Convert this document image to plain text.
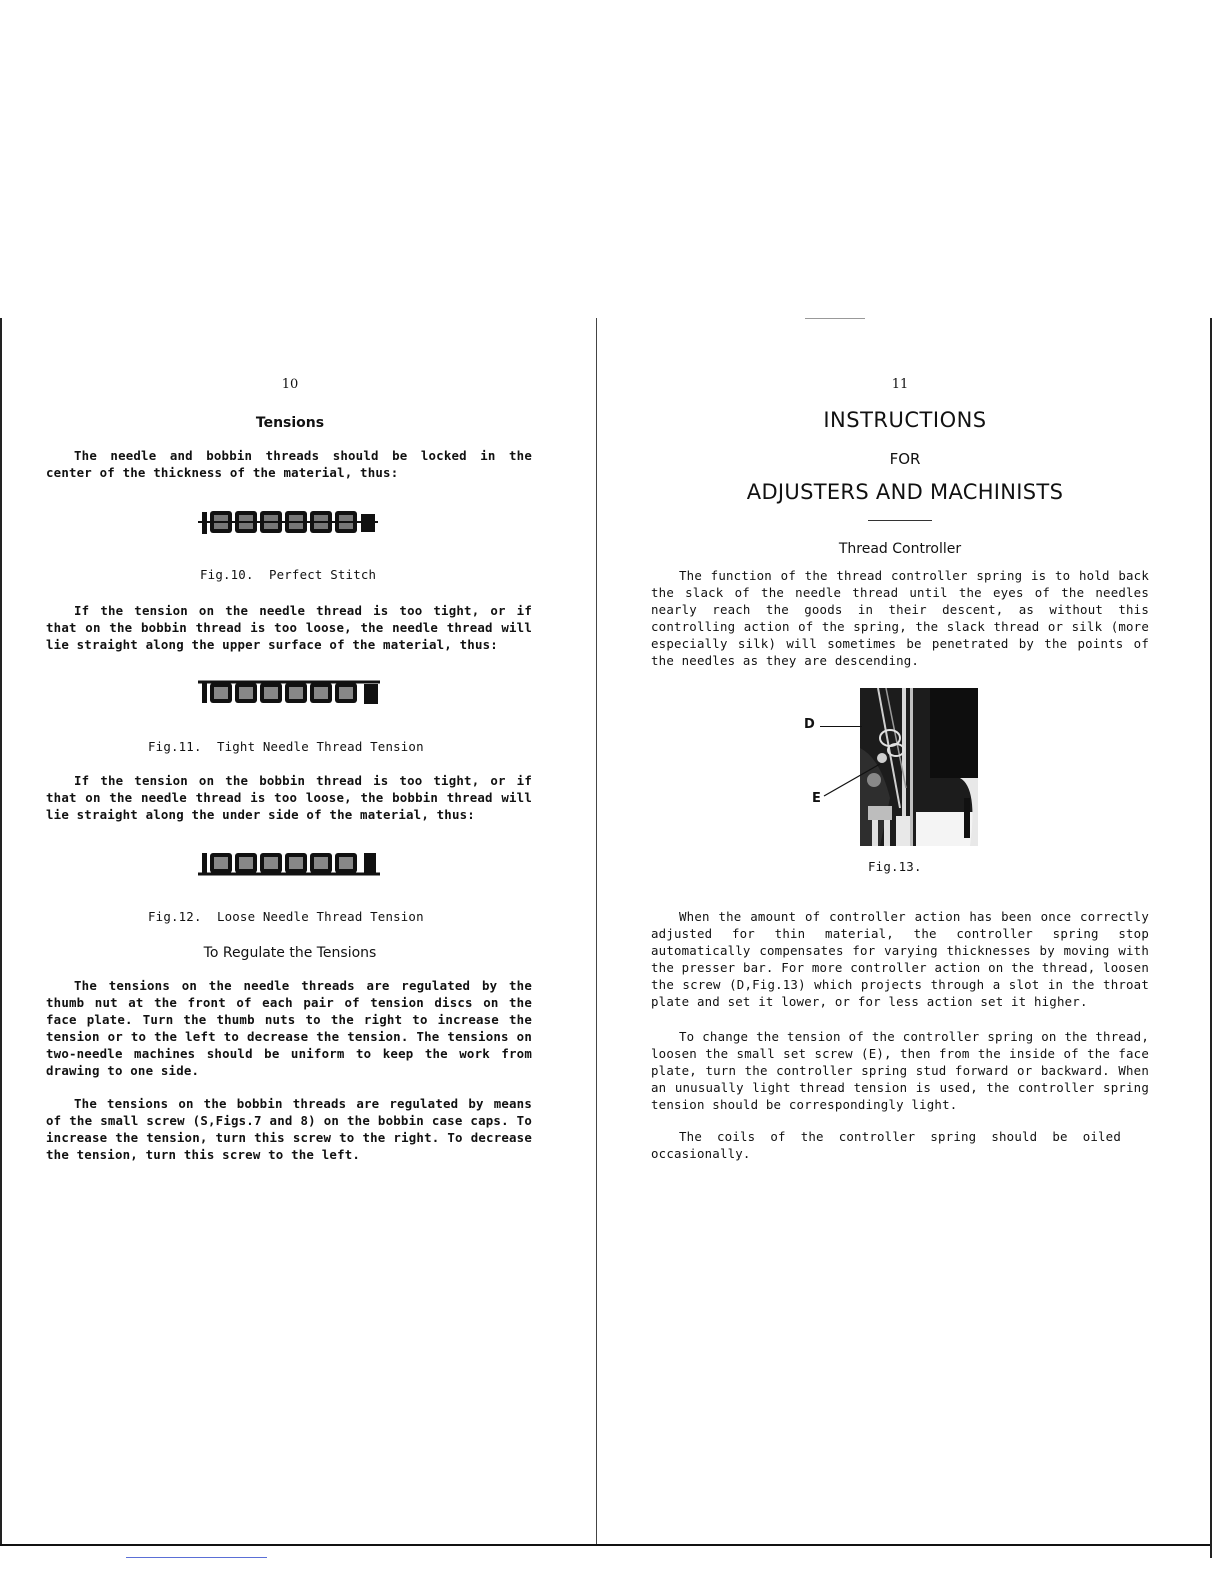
10
Tensions

The needle and bobbin threads should be locked in the center of the thickness of the material, thus:

Fig.10.  Perfect Stitch

If the tension on the needle thread is too tight, or if that on the bobbin thread is too loose, the needle thread will lie straight along the upper surface of the material, thus:

Fig.11.  Tight Needle Thread Tension

If the tension on the bobbin thread is too tight, or if that on the needle thread is too loose, the bobbin thread will lie straight along the under side of the material, thus:

Fig.12.  Loose Needle Thread Tension
To Regulate the Tensions

The tensions on the needle threads are regulated by the thumb nut at the front of each pair of tension discs on the face plate. Turn the thumb nuts to the right to increase the tension or to the left to decrease the tension. The tensions on two-needle machines should be uniform to keep the work from drawing to one side.

The tensions on the bobbin threads are regulated by means of the small screw (S,Figs.7 and 8) on the bobbin case caps. To increase the tension, turn this screw to the right. To decrease the tension, turn this screw to the left.

11
INSTRUCTIONS
FOR
ADJUSTERS AND MACHINISTS
Thread Controller

The function of the thread controller spring is to hold back the slack of the needle thread until the eyes of the needles nearly reach the goods in their descent, as without this controlling action of the spring, the slack thread or silk (more especially silk) will sometimes be penetrated by the points of the needles as they are descending.

D
E
Fig.13.

When the amount of controller action has been once correctly adjusted for thin material, the controller spring stop automatically compensates for varying thicknesses by moving with the presser bar. For more controller action on the thread, loosen the screw (D,Fig.13) which projects through a slot in the throat plate and set it lower, or for less action set it higher.

To change the tension of the controller spring on the thread, loosen the small set screw (E), then from the inside of the face plate, turn the controller spring stud forward or backward. When an unusually light thread tension is used, the controller spring tension should be correspondingly light.

The coils of the controller spring should be oiled occasionally.
